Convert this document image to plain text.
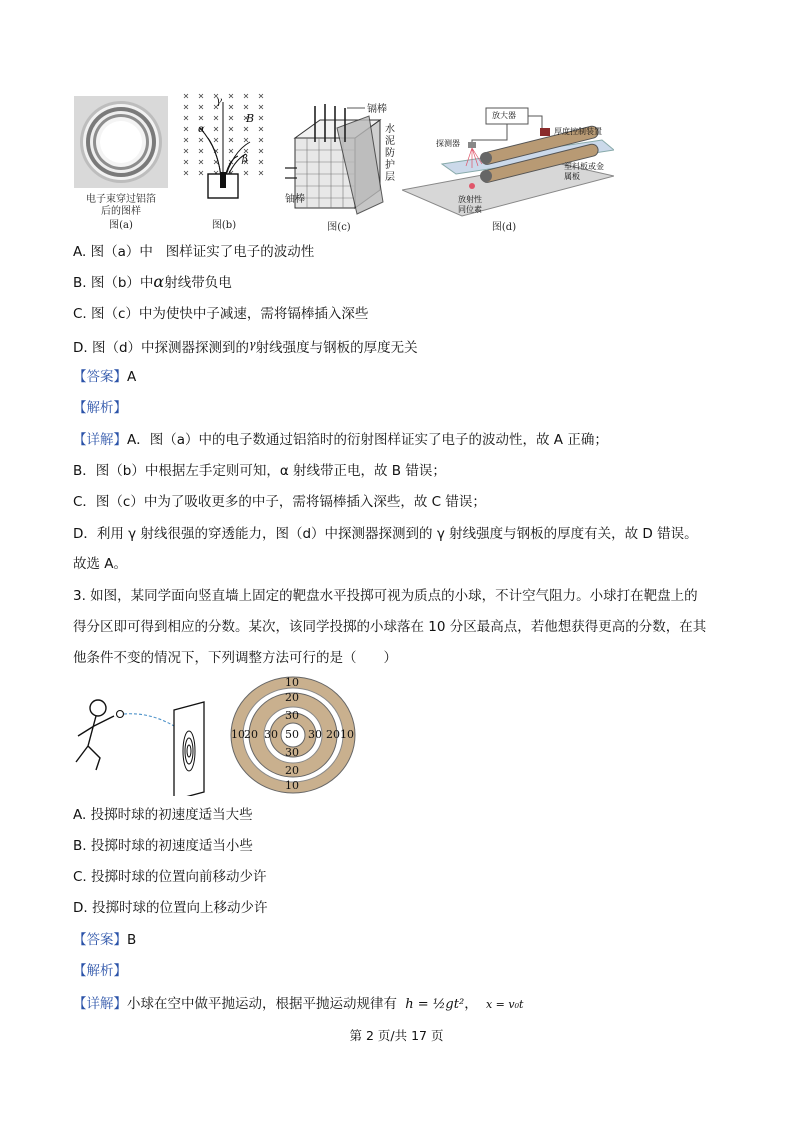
电子束穿过铝箔
后的图样
图(a)
γ
α
β
B
图(b)
镉棒
水泥防护层
铀棒
图(c)
放大器
探测器
厚度控制装置
塑料板或金属板
放射性
同位素
图(d)
A. 图（a）中 图样证实了电子的波动性
B. 图（b）中α射线带负电
C. 图（c）中为使快中子减速，需将镉棒插入深些
D. 图（d）中探测器探测到的$^\gamma$射线强度与钢板的厚度无关
【答案】A
【解析】
【详解】A．图（a）中的电子数通过铝箔时的衍射图样证实了电子的波动性，故 A 正确；
B．图（b）中根据左手定则可知，α 射线带正电，故 B 错误；
C．图（c）中为了吸收更多的中子，需将镉棒插入深些，故 C 错误；
D．利用 γ 射线很强的穿透能力，图（d）中探测器探测到的 γ 射线强度与钢板的厚度有关，故 D 错误。
故选 A。
3. 如图，某同学面向竖直墙上固定的靶盘水平投掷可视为质点的小球，不计空气阻力。小球打在靶盘上的
得分区即可得到相应的分数。某次，该同学投掷的小球落在 10 分区最高点，若他想获得更高的分数，在其
他条件不变的情况下，下列调整方法可行的是（　　）
10
20
30
50
30
20
10
10 20 30	30 20 10
A. 投掷时球的初速度适当大些
B. 投掷时球的初速度适当小些
C. 投掷时球的位置向前移动少许
D. 投掷时球的位置向上移动少许
【答案】B
【解析】
【详解】小球在空中做平抛运动，根据平抛运动规律有 h = ½gt²， x = v₀t
第 2 页/共 17 页
